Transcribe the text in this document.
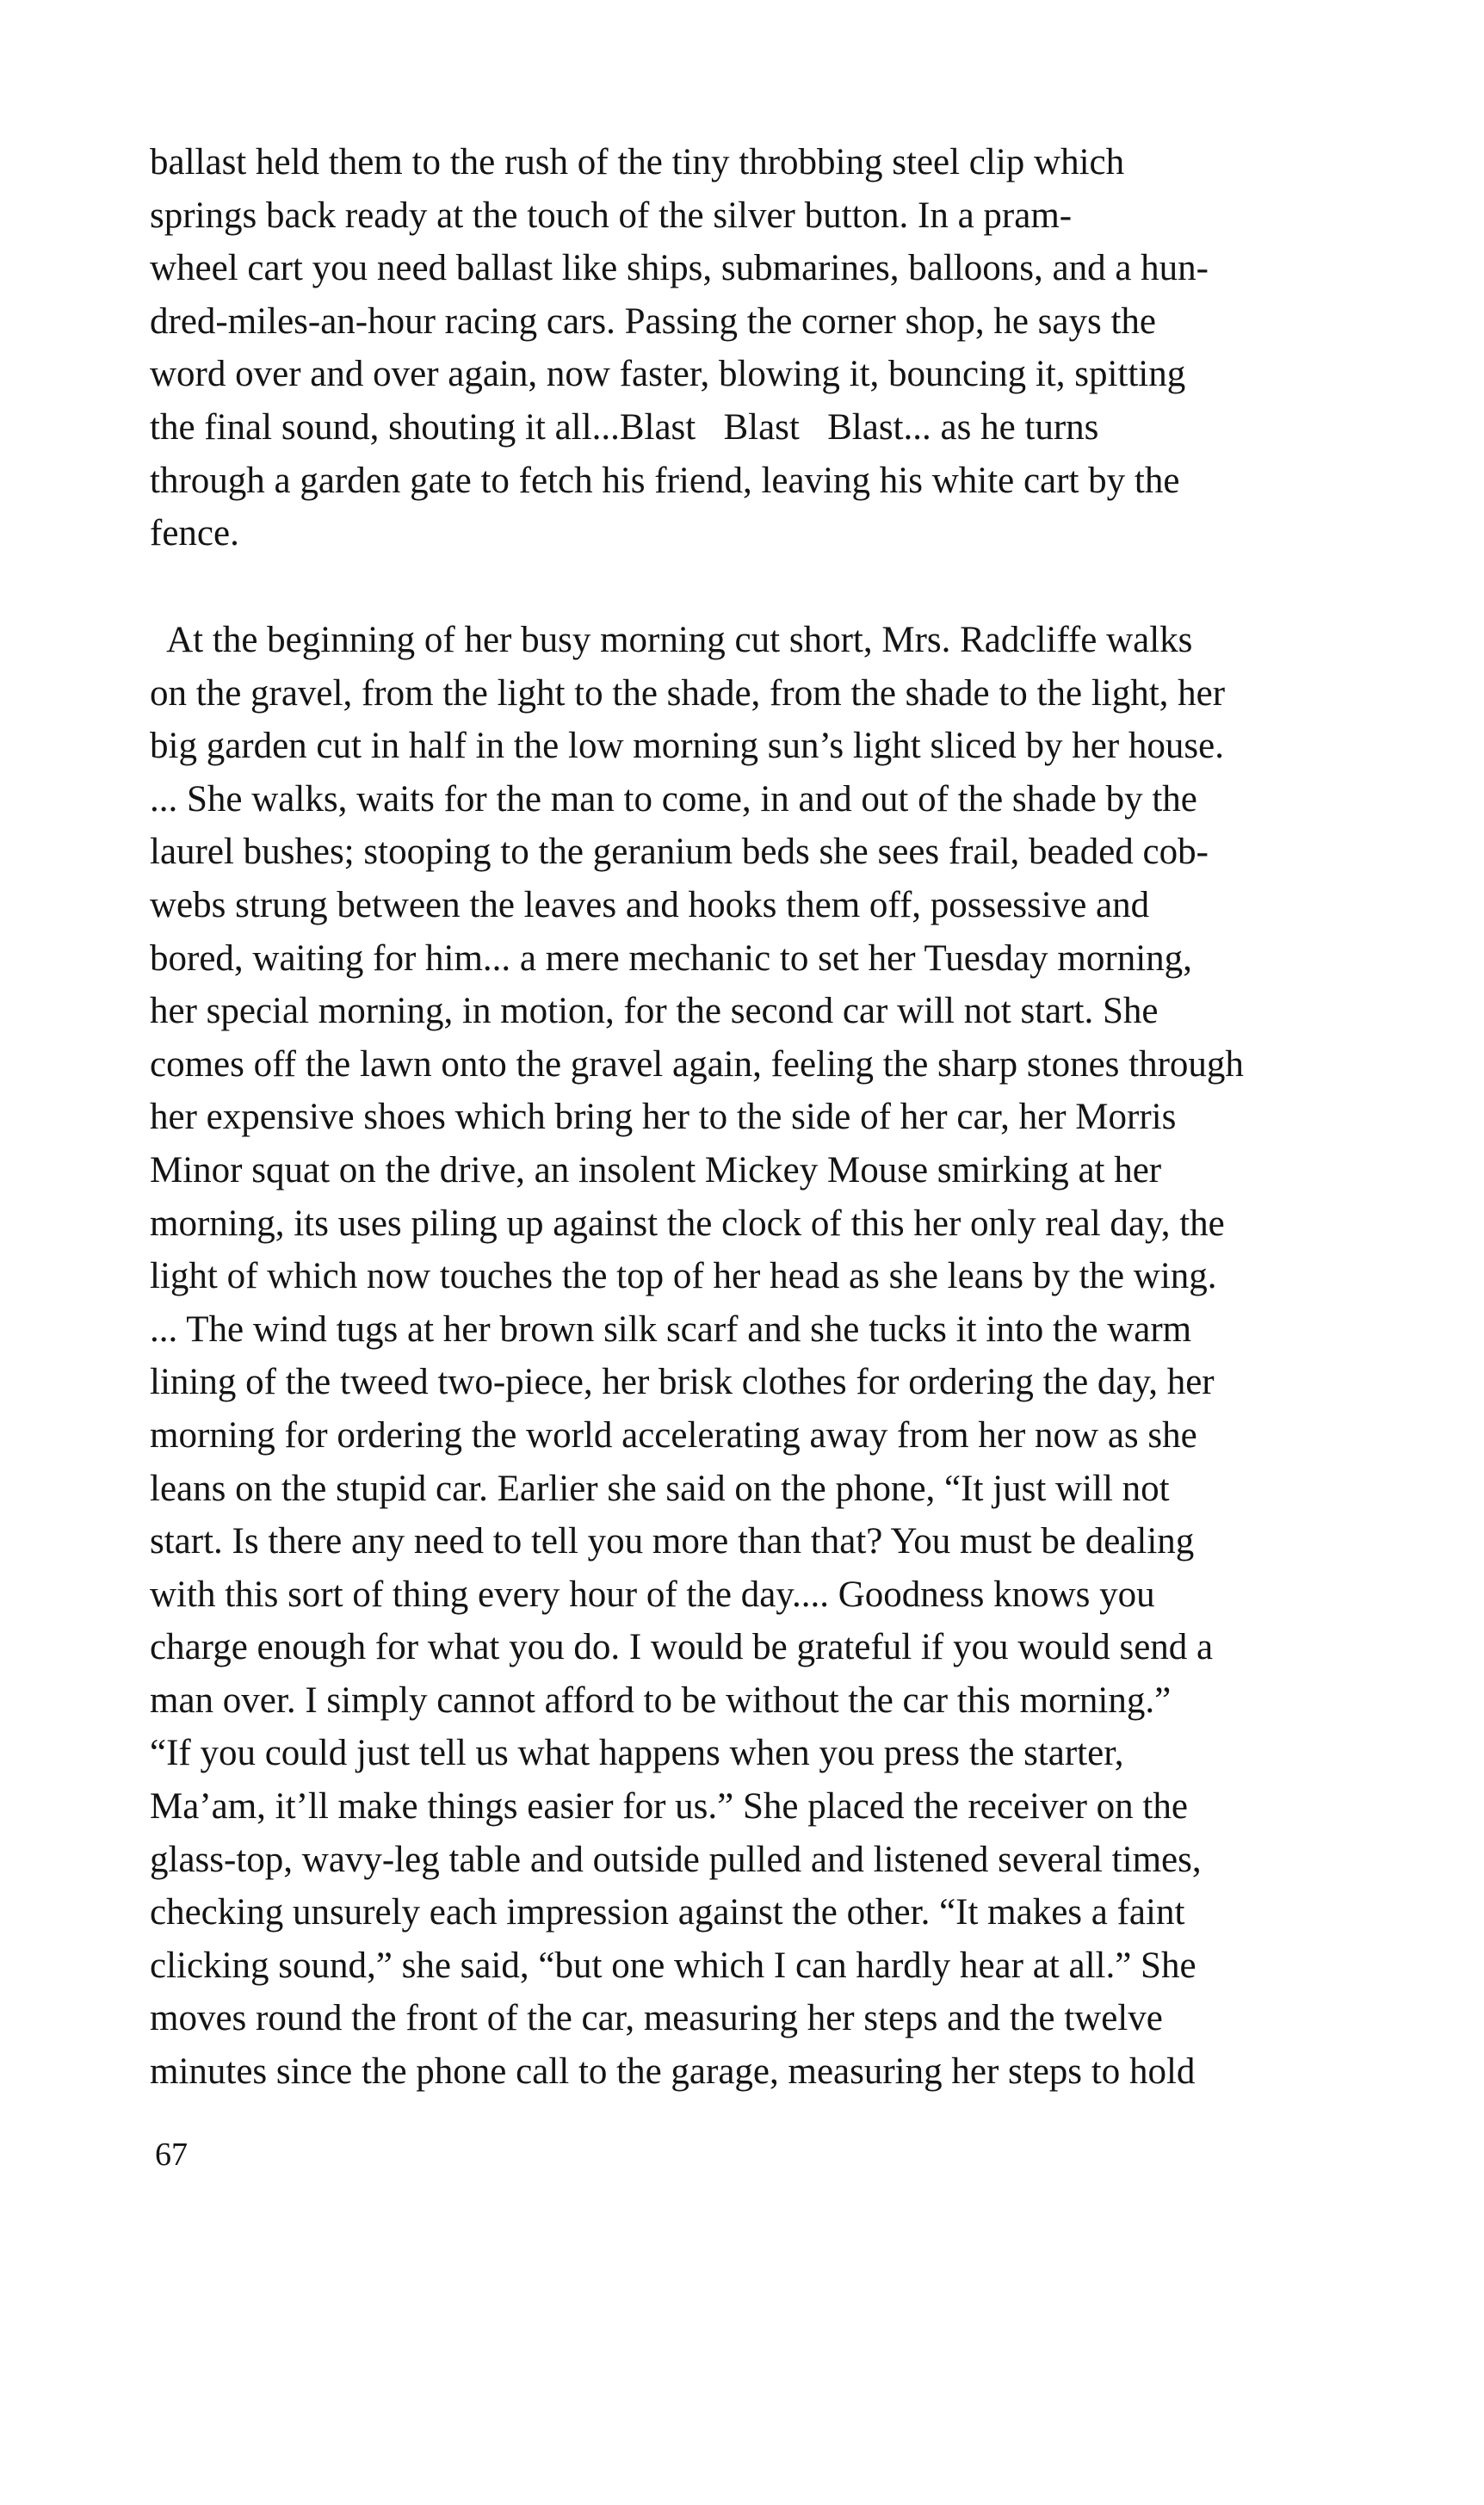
ballast held them to the rush of the tiny throbbing steel clip which
springs back ready at the touch of the silver button. In a pram-
wheel cart you need ballast like ships, submarines, balloons, and a hun-
dred-miles-an-hour racing cars. Passing the corner shop, he says the
word over and over again, now faster, blowing it, bouncing it, spitting
the final sound, shouting it all...Blast   Blast   Blast... as he turns
through a garden gate to fetch his friend, leaving his white cart by the
fence.
At the beginning of her busy morning cut short, Mrs. Radcliffe walks
on the gravel, from the light to the shade, from the shade to the light, her
big garden cut in half in the low morning sun’s light sliced by her house.
... She walks, waits for the man to come, in and out of the shade by the
laurel bushes; stooping to the geranium beds she sees frail, beaded cob-
webs strung between the leaves and hooks them off, possessive and
bored, waiting for him... a mere mechanic to set her Tuesday morning,
her special morning, in motion, for the second car will not start. She
comes off the lawn onto the gravel again, feeling the sharp stones through
her expensive shoes which bring her to the side of her car, her Morris
Minor squat on the drive, an insolent Mickey Mouse smirking at her
morning, its uses piling up against the clock of this her only real day, the
light of which now touches the top of her head as she leans by the wing.
... The wind tugs at her brown silk scarf and she tucks it into the warm
lining of the tweed two-piece, her brisk clothes for ordering the day, her
morning for ordering the world accelerating away from her now as she
leans on the stupid car. Earlier she said on the phone, “It just will not
start. Is there any need to tell you more than that? You must be dealing
with this sort of thing every hour of the day.... Goodness knows you
charge enough for what you do. I would be grateful if you would send a
man over. I simply cannot afford to be without the car this morning.”
“If you could just tell us what happens when you press the starter,
Ma’am, it’ll make things easier for us.” She placed the receiver on the
glass-top, wavy-leg table and outside pulled and listened several times,
checking unsurely each impression against the other. “It makes a faint
clicking sound,” she said, “but one which I can hardly hear at all.” She
moves round the front of the car, measuring her steps and the twelve
minutes since the phone call to the garage, measuring her steps to hold
67
